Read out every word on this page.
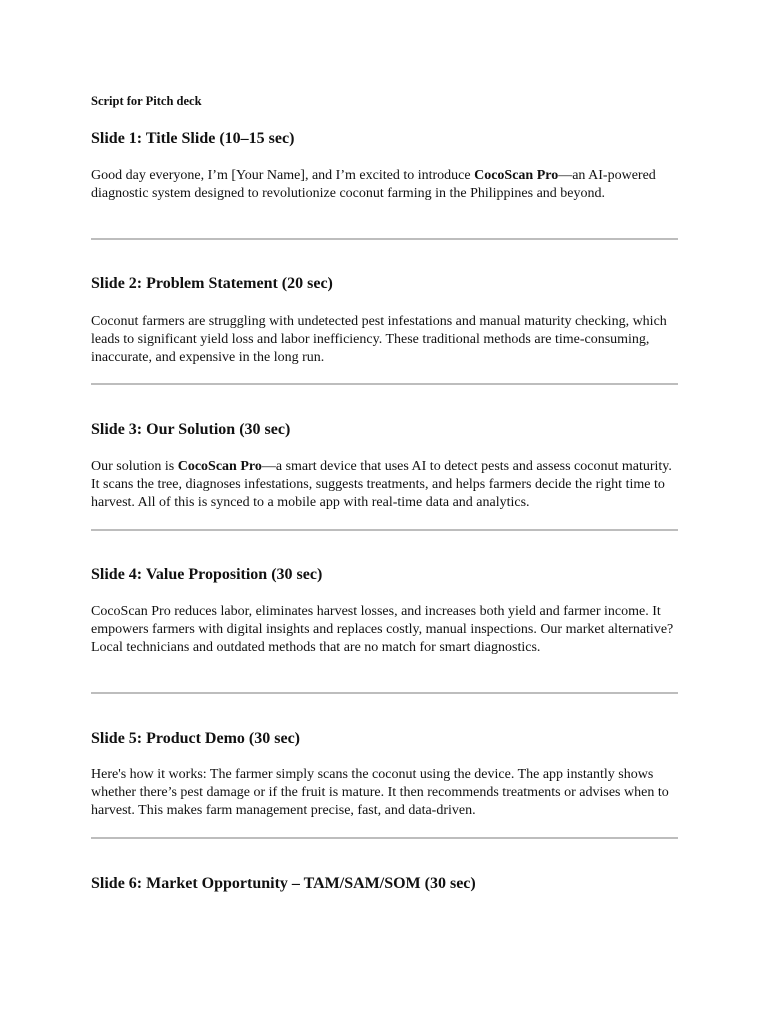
Script for Pitch deck

Slide 1: Title Slide (10–15 sec)

Good day everyone, I’m [Your Name], and I’m excited to introduce CocoScan Pro—an AI-powered diagnostic system designed to revolutionize coconut farming in the Philippines and beyond.

Slide 2: Problem Statement (20 sec)

Coconut farmers are struggling with undetected pest infestations and manual maturity checking, which leads to significant yield loss and labor inefficiency. These traditional methods are time-consuming, inaccurate, and expensive in the long run.

Slide 3: Our Solution (30 sec)

Our solution is CocoScan Pro—a smart device that uses AI to detect pests and assess coconut maturity. It scans the tree, diagnoses infestations, suggests treatments, and helps farmers decide the right time to harvest. All of this is synced to a mobile app with real-time data and analytics.

Slide 4: Value Proposition (30 sec)

CocoScan Pro reduces labor, eliminates harvest losses, and increases both yield and farmer income. It empowers farmers with digital insights and replaces costly, manual inspections. Our market alternative? Local technicians and outdated methods that are no match for smart diagnostics.

Slide 5: Product Demo (30 sec)

Here's how it works: The farmer simply scans the coconut using the device. The app instantly shows whether there’s pest damage or if the fruit is mature. It then recommends treatments or advises when to harvest. This makes farm management precise, fast, and data-driven.

Slide 6: Market Opportunity – TAM/SAM/SOM (30 sec)
